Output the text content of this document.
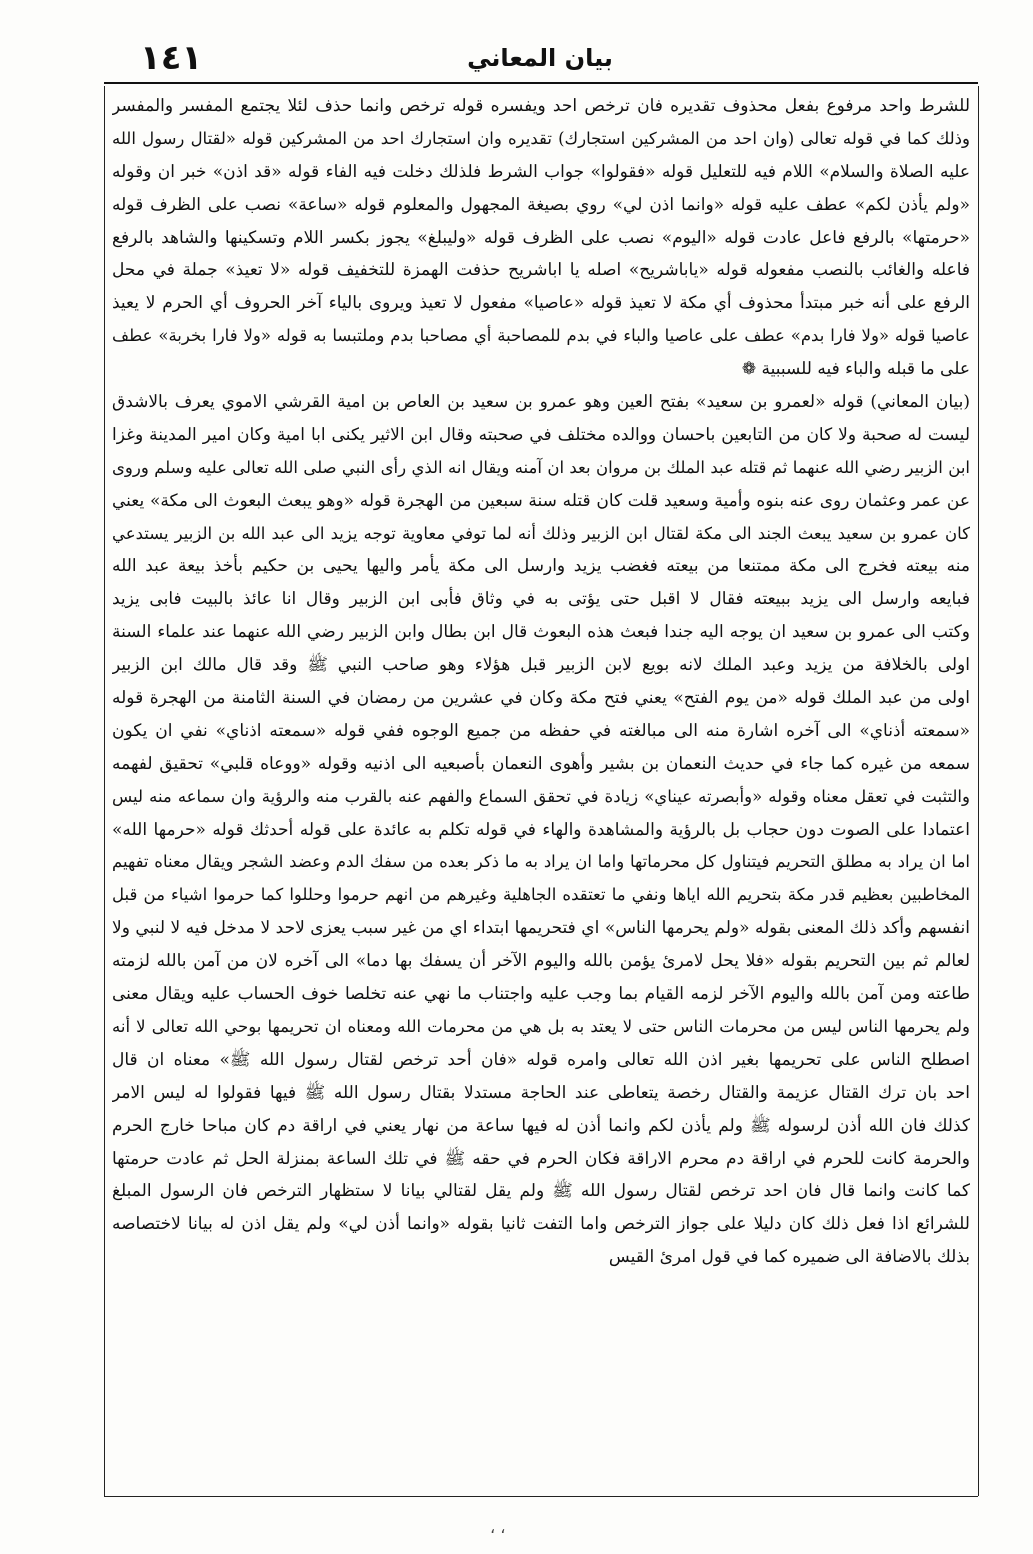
١٤١	بيان المعاني
للشرط واحد مرفوع بفعل محذوف تقديره فان ترخص احد ويفسره قوله ترخص وانما حذف لئلا يجتمع المفسر والمفسر
وذلك كما في قوله تعالى (وان احد من المشركين استجارك) تقديره وان استجارك احد من المشركين قوله «لقتال رسول الله
عليه الصلاة والسلام» اللام فيه للتعليل قوله «فقولوا» جواب الشرط فلذلك دخلت فيه الفاء قوله «قد اذن» خبر ان وقوله
«ولم يأذن لكم» عطف عليه قوله «وانما اذن لي» روي بصيغة المجهول والمعلوم قوله «ساعة» نصب على الظرف قوله
«حرمتها» بالرفع فاعل عادت قوله «اليوم» نصب على الظرف قوله «وليبلغ» يجوز بكسر اللام وتسكينها والشاهد بالرفع
فاعله والغائب بالنصب مفعوله قوله «ياباشريح» اصله يا اباشريح حذفت الهمزة للتخفيف قوله «لا تعيذ» جملة في محل
الرفع على أنه خبر مبتدأ محذوف أي مكة لا تعيذ قوله «عاصيا» مفعول لا تعيذ ويروى بالياء آخر الحروف أي الحرم لا يعيذ
عاصيا قوله «ولا فارا بدم» عطف على عاصيا والباء في بدم للمصاحبة أي مصاحبا بدم وملتبسا به قوله «ولا فارا بخربة» عطف
على ما قبله والباء فيه للسببية ❁
(بيان المعاني) قوله «لعمرو بن سعيد» بفتح العين وهو عمرو بن سعيد بن العاص بن امية القرشي الاموي يعرف بالاشدق
ليست له صحبة ولا كان من التابعين باحسان ووالده مختلف في صحبته وقال ابن الاثير يكنى ابا امية وكان امير المدينة وغزا
ابن الزبير رضي الله عنهما ثم قتله عبد الملك بن مروان بعد ان آمنه ويقال انه الذي رأى النبي صلى الله تعالى عليه وسلم وروى
عن عمر وعثمان روى عنه بنوه وأمية وسعيد قلت كان قتله سنة سبعين من الهجرة قوله «وهو يبعث البعوث الى مكة» يعني
كان عمرو بن سعيد يبعث الجند الى مكة لقتال ابن الزبير وذلك أنه لما توفي معاوية توجه يزيد الى عبد الله بن الزبير يستدعي
منه بيعته فخرج الى مكة ممتنعا من بيعته فغضب يزيد وارسل الى مكة يأمر واليها يحيى بن حكيم بأخذ بيعة عبد الله
فبايعه وارسل الى يزيد ببيعته فقال لا اقبل حتى يؤتى به في وثاق فأبى ابن الزبير وقال انا عائذ بالبيت فابى يزيد
وكتب الى عمرو بن سعيد ان يوجه اليه جندا فبعث هذه البعوث قال ابن بطال وابن الزبير رضي الله عنهما عند علماء السنة
اولى بالخلافة من يزيد وعبد الملك لانه بويع لابن الزبير قبل هؤلاء وهو صاحب النبي ﷺ وقد قال مالك ابن الزبير
اولى من عبد الملك قوله «من يوم الفتح» يعني فتح مكة وكان في عشرين من رمضان في السنة الثامنة من الهجرة قوله
«سمعته أذناي» الى آخره اشارة منه الى مبالغته في حفظه من جميع الوجوه ففي قوله «سمعته اذناي» نفي ان يكون
سمعه من غيره كما جاء في حديث النعمان بن بشير وأهوى النعمان بأصبعيه الى اذنيه وقوله «ووعاه قلبي» تحقيق لفهمه
والتثبت في تعقل معناه وقوله «وأبصرته عيناي» زيادة في تحقق السماع والفهم عنه بالقرب منه والرؤية وان سماعه منه ليس
اعتمادا على الصوت دون حجاب بل بالرؤية والمشاهدة والهاء في قوله تكلم به عائدة على قوله أحدثك قوله «حرمها الله»
اما ان يراد به مطلق التحريم فيتناول كل محرماتها واما ان يراد به ما ذكر بعده من سفك الدم وعضد الشجر ويقال معناه تفهيم
المخاطبين بعظيم قدر مكة بتحريم الله اياها ونفي ما تعتقده الجاهلية وغيرهم من انهم حرموا وحللوا كما حرموا اشياء من قبل
انفسهم وأكد ذلك المعنى بقوله «ولم يحرمها الناس» اي فتحريمها ابتداء اي من غير سبب يعزى لاحد لا مدخل فيه لا لنبي ولا
لعالم ثم بين التحريم بقوله «فلا يحل لامرئ يؤمن بالله واليوم الآخر أن يسفك بها دما» الى آخره لان من آمن بالله لزمته
طاعته ومن آمن بالله واليوم الآخر لزمه القيام بما وجب عليه واجتناب ما نهي عنه تخلصا خوف الحساب عليه ويقال معنى
ولم يحرمها الناس ليس من محرمات الناس حتى لا يعتد به بل هي من محرمات الله ومعناه ان تحريمها بوحي الله تعالى لا أنه
اصطلح الناس على تحريمها بغير اذن الله تعالى وامره قوله «فان أحد ترخص لقتال رسول الله ﷺ» معناه ان قال
احد بان ترك القتال عزيمة والقتال رخصة يتعاطى عند الحاجة مستدلا بقتال رسول الله ﷺ فيها فقولوا له ليس الامر
كذلك فان الله أذن لرسوله ﷺ ولم يأذن لكم وانما أذن له فيها ساعة من نهار يعني في اراقة دم كان مباحا خارج الحرم
والحرمة كانت للحرم في اراقة دم محرم الاراقة فكان الحرم في حقه ﷺ في تلك الساعة بمنزلة الحل ثم عادت حرمتها
كما كانت وانما قال فان احد ترخص لقتال رسول الله ﷺ ولم يقل لقتالي بيانا لا ستظهار الترخص فان الرسول المبلغ
للشرائع اذا فعل ذلك كان دليلا على جواز الترخص واما التفت ثانيا بقوله «وانما أذن لي» ولم يقل اذن له بيانا لاختصاصه
بذلك بالاضافة الى ضميره كما في قول امرئ القيس
، ،
